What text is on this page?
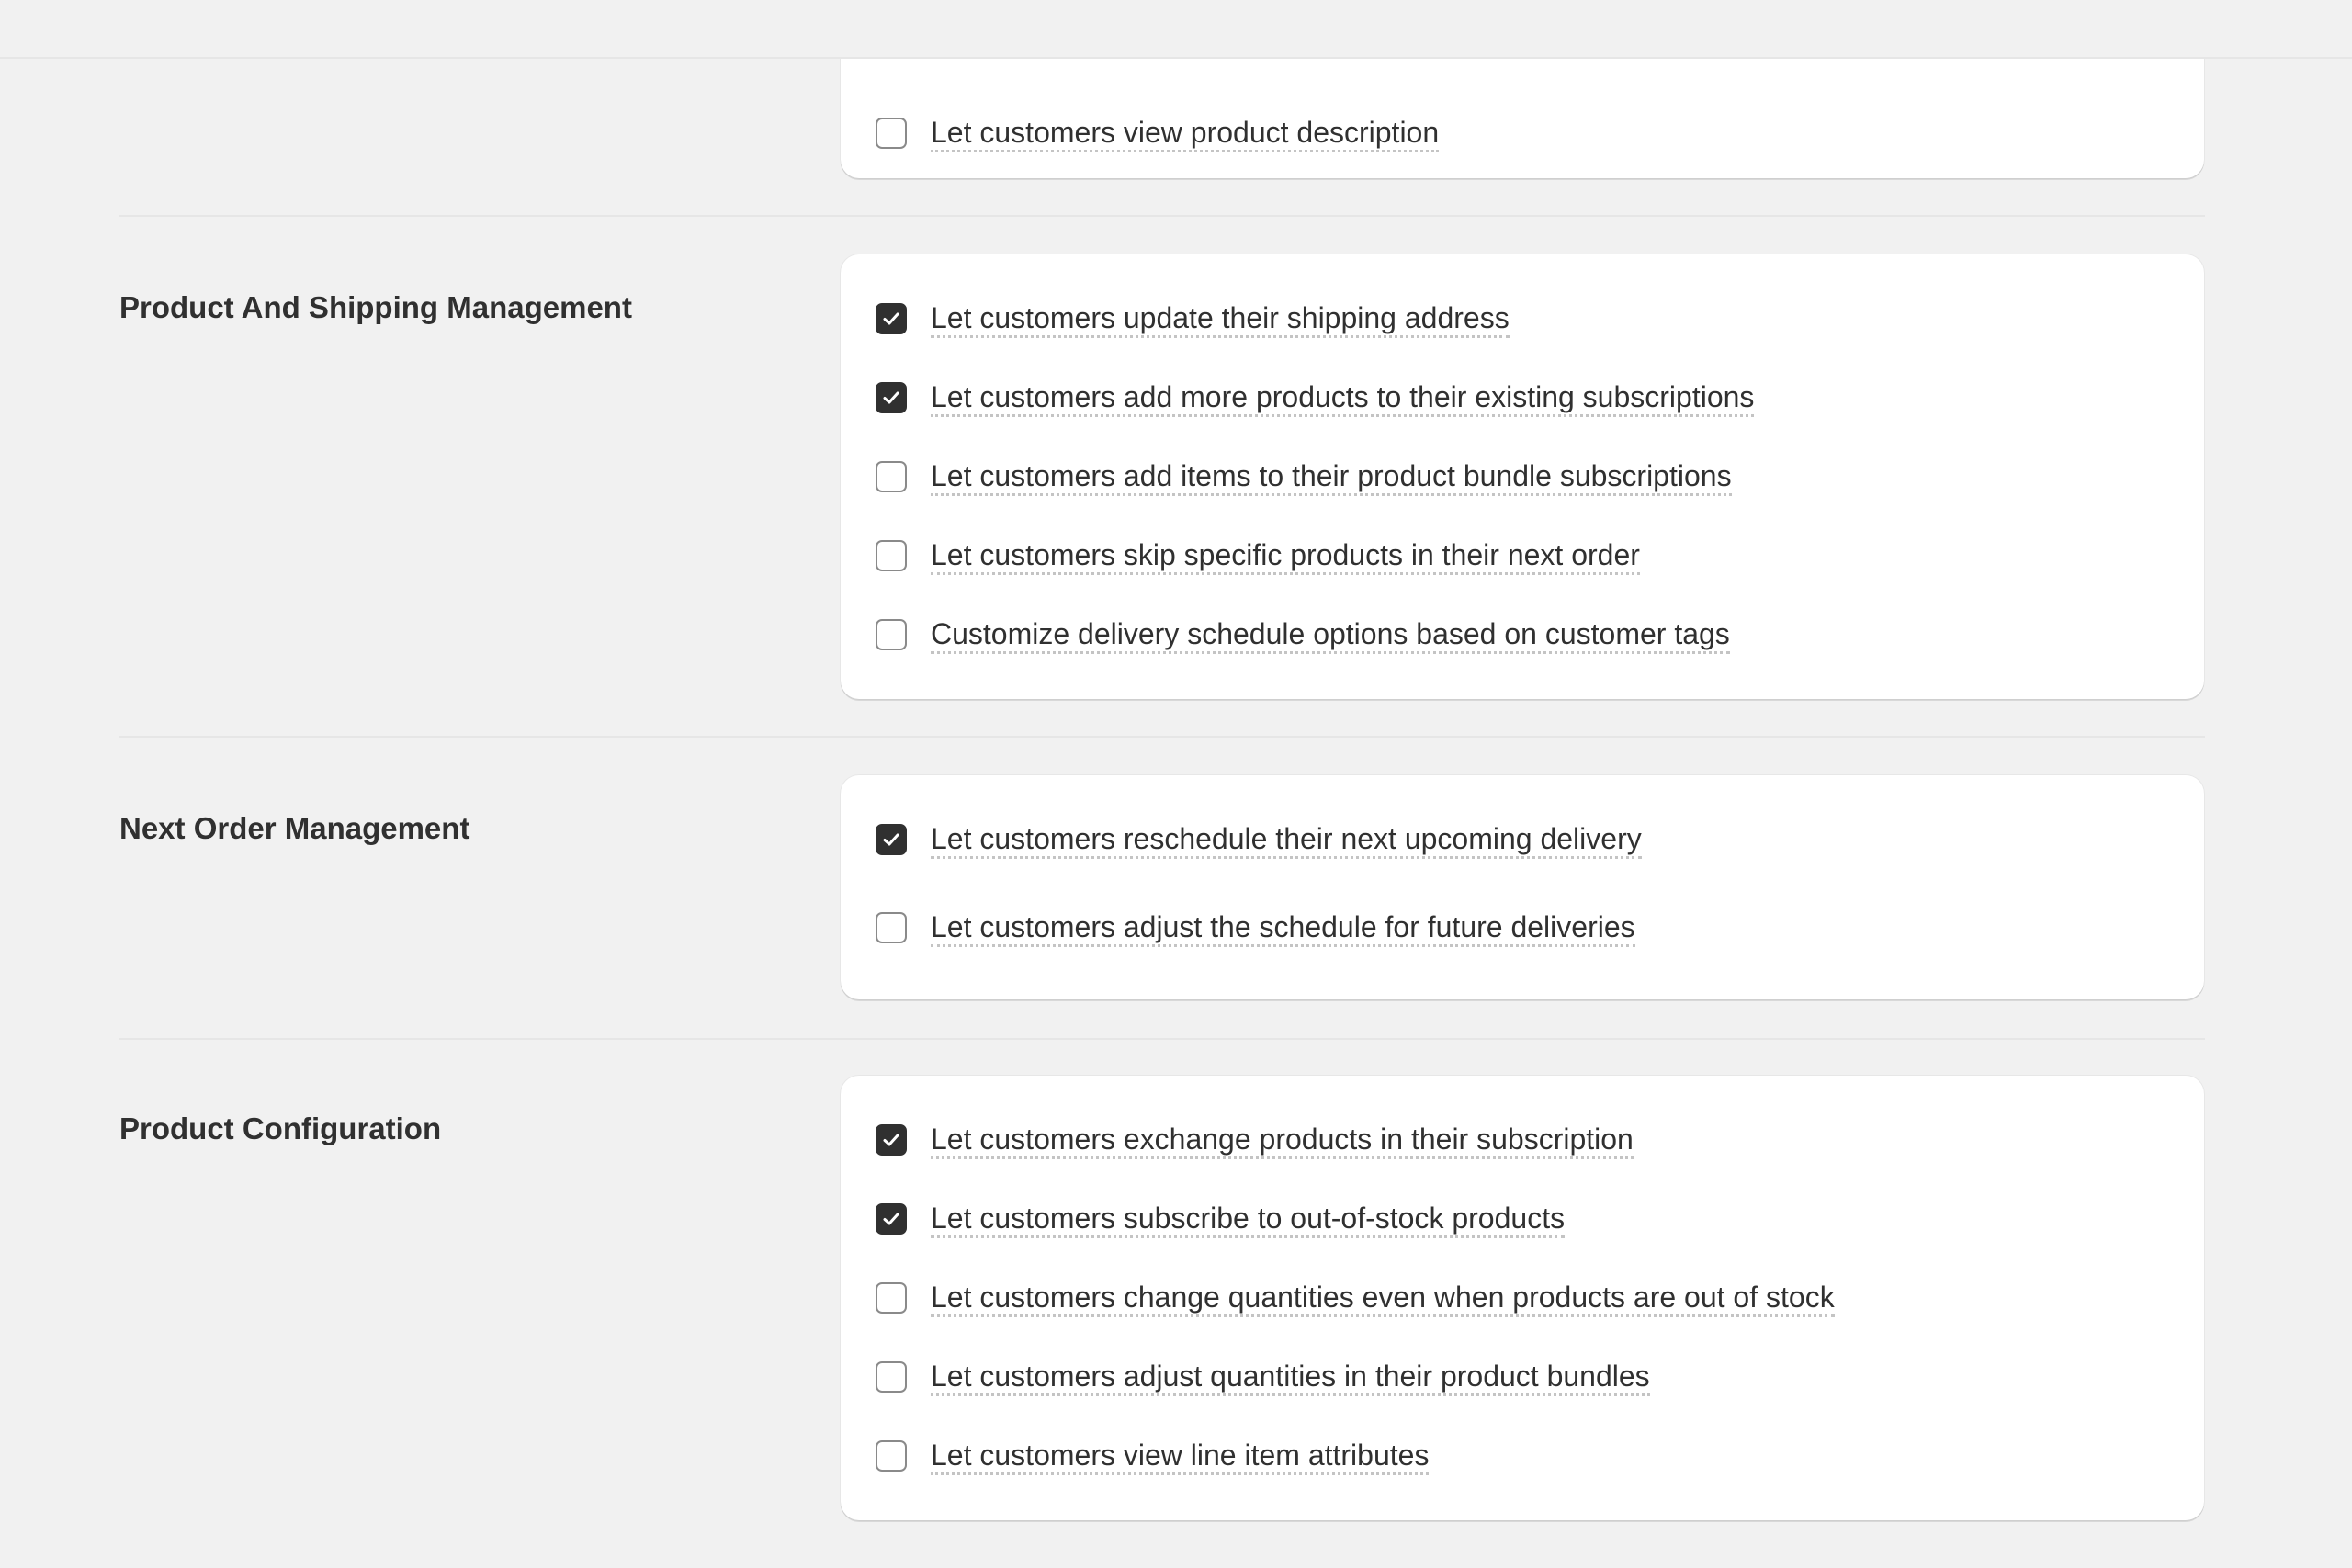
Let customers view product description
Product And Shipping Management	Let customers update their shipping address
Let customers add more products to their existing subscriptions
Let customers add items to their product bundle subscriptions
Let customers skip specific products in their next order
Customize delivery schedule options based on customer tags
Next Order Management	Let customers reschedule their next upcoming delivery
Let customers adjust the schedule for future deliveries
Product Configuration	Let customers exchange products in their subscription
Let customers subscribe to out-of-stock products
Let customers change quantities even when products are out of stock
Let customers adjust quantities in their product bundles
Let customers view line item attributes
